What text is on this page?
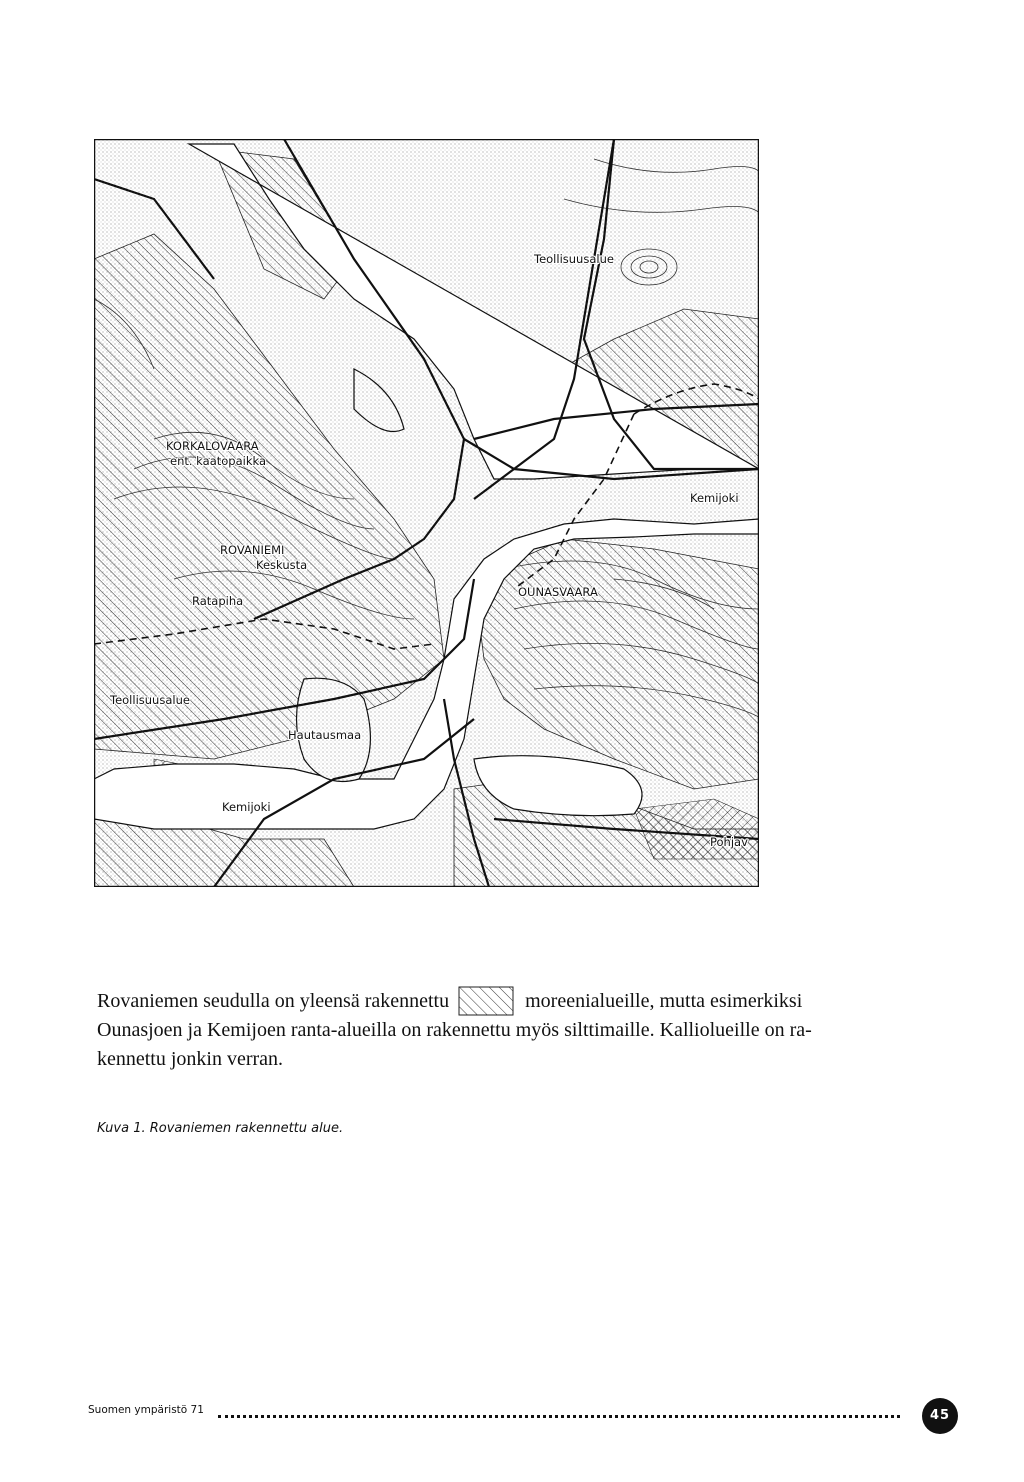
Teollisuusalue
KORKALOVAARA
ent. kaatopaikka
Kemijoki
ROVANIEMI
Keskusta
Ratapiha
OUNASVAARA
Teollisuusalue
Hautausmaa
Kemijoki
Pohjav

Rovaniemen seudulla on yleensä rakennettu	moreenialueille, mutta esimerkiksi

Ounasjoen ja Kemijoen ranta-alueilla on rakennettu myös silttimaille. Kalliolueille on ra-

kennettu jonkin verran.

Kuva 1. Rovaniemen rakennettu alue.
Suomen ympäristö 71	45
